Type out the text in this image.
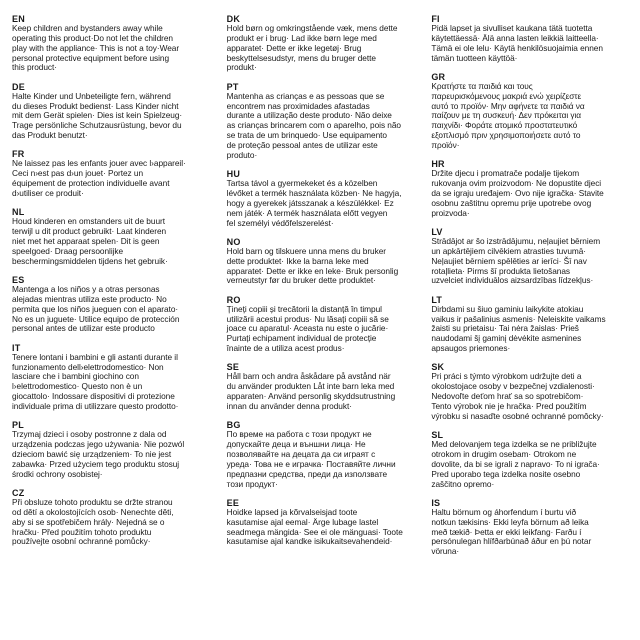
EN
Keep children and bystanders away while
operating this product·Do not let the children
play with the appliance· This is not a toy·Wear
personal protective equipment before using
this product·
DE
Halte Kinder und Unbeteiligte fern, während
du dieses Produkt bedienst· Lass Kinder nicht
mit dem Gerät spielen· Dies ist kein Spielzeug·
Trage persönliche Schutzausrüstung, bevor du
das Produkt benutzt·
FR
Ne laissez pas les enfants jouer avec l›appareil·
Ceci n›est pas d›un jouet· Portez un
équipement de protection individuelle avant
d›utiliser ce produit·
NL
Houd kinderen en omstanders uit de buurt
terwijl u dit product gebruikt· Laat kinderen
niet met het apparaat spelen· Dit is geen
speelgoed· Draag persoonlijke
beschermingsmiddelen tijdens het gebruik·
ES
Mantenga a los niños y a otras personas
alejadas mientras utiliza este producto· No
permita que los niños jueguen con el aparato·
No es un juguete· Utilice equipo de protección
personal antes de utilizar este producto
IT
Tenere lontani i bambini e gli astanti durante il
funzionamento dell›elettrodomestico· Non
lasciare che i bambini giochino con
l›elettrodomestico· Questo non è un
giocattolo· Indossare dispositivi di protezione
individuale prima di utilizzare questo prodotto·
PL
Trzymaj dzieci i osoby postronne z dala od
urządzenia podczas jego używania· Nie pozwól
dzieciom bawić się urządzeniem· To nie jest
zabawka· Przed użyciem tego produktu stosuj
środki ochrony osobistej·
CZ
Při obsluze tohoto produktu se držte stranou
od dětí a okolostojících osob· Nenechte děti,
aby si se spotřebičem hrály· Nejedná se o
hračku· Před použitím tohoto produktu
používejte osobní ochranné pomůcky·
DK
Hold børn og omkringstående væk, mens dette
produkt er i brug· Lad ikke børn lege med
apparatet· Dette er ikke legetøj· Brug
beskyttelsesudstyr, mens du bruger dette
produkt·
PT
Mantenha as crianças e as pessoas que se
encontrem nas proximidades afastadas
durante a utilização deste produto· Não deixe
as crianças brincarem com o aparelho, pois não
se trata de um brinquedo· Use equipamento
de proteção pessoal antes de utilizar este
produto·
HU
Tartsa távol a gyermekeket és a közelben
lévőket a termék használata közben· Ne hagyja,
hogy a gyerekek játsszanak a készülékkel· Ez
nem játék· A termék használata előtt vegyen
fel személyi védőfelszerelést·
NO
Hold barn og tilskuere unna mens du bruker
dette produktet· Ikke la barna leke med
apparatet· Dette er ikke en leke· Bruk personlig
verneutstyr før du bruker dette produktet·
RO
Țineți copiii și trecătorii la distanță în timpul
utilizării acestui produs· Nu lăsați copiii să se
joace cu aparatul· Aceasta nu este o jucărie·
Purtați echipament individual de protecție
înainte de a utiliza acest produs·
SE
Håll barn och andra åskådare på avstånd när
du använder produkten Låt inte barn leka med
apparaten· Använd personlig skyddsutrustning
innan du använder denna produkt·
BG
По време на работа с този продукт не
допускайте деца и външни лица· Не
позволявайте на децата да си играят с
уреда· Това не е играчка· Поставяйте лични
предпазни средства, преди да използвате
този продукт·
EE
Hoidke lapsed ja kõrvalseisjad toote
kasutamise ajal eemal· Ärge lubage lastel
seadmega mängida· See ei ole mänguasi· Toote
kasutamise ajal kandke isikukaitsevahendeid·
FI
Pidä lapset ja sivulliset kaukana tätä tuotetta
käytettäessä· Älä anna lasten leikkiä laitteella·
Tämä ei ole lelu· Käytä henkilösuojaimia ennen
tämän tuotteen käyttöä·
GR
Κρατήστε τα παιδιά και τους
παρευρισκόμενους μακριά ενώ χειρίζεστε
αυτό το προϊόν· Μην αφήνετε τα παιδιά να
παίζουν με τη συσκευή· Δεν πρόκειται για
παιχνίδι· Φοράτε ατομικό προστατευτικό
εξοπλισμό πριν χρησιμοποιήσετε αυτό το
προϊόν·
HR
Držite djecu i promatrače podalje tijekom
rukovanja ovim proizvodom· Ne dopustite djeci
da se igraju uređajem· Ovo nije igračka· Stavite
osobnu zaštitnu opremu prije upotrebe ovog
proizvoda·
LV
Strādājot ar šo izstrādājumu, neļaujiet bērniem
un apkārtējiem cilvēkiem atrasties tuvumā·
Neļaujiet bērniem spēlēties ar ierīci· Šī nav
rotaļlieta· Pirms šī produkta lietošanas
uzvelciet individuālos aizsardzības līdzekļus·
LT
Dirbdami su šiuo gaminiu laikykite atokiau
vaikus ir pašalinius asmenis· Neleiskite vaikams
žaisti su prietaisu· Tai nėra žaislas· Prieš
naudodami šį gaminį dėvėkite asmenines
apsaugos priemones·
SK
Pri práci s týmto výrobkom udržujte deti a
okolostojace osoby v bezpečnej vzdialenosti·
Nedovoľte deťom hrať sa so spotrebičom·
Tento výrobok nie je hračka· Pred použitím
výrobku si nasaďte osobné ochranné pomôcky·
SL
Med delovanjem tega izdelka se ne približujte
otrokom in drugim osebam· Otrokom ne
dovolite, da bi se igrali z napravo· To ni igrača·
Pred uporabo tega izdelka nosite osebno
zaščitno opremo·
IS
Haltu börnum og áhorfendum í burtu við
notkun tækisins· Ekki leyfa börnum að leika
með tækið· Þetta er ekki leikfang· Farðu í
persónulegan hlífðarbúnað áður en þú notar
vöruna·
